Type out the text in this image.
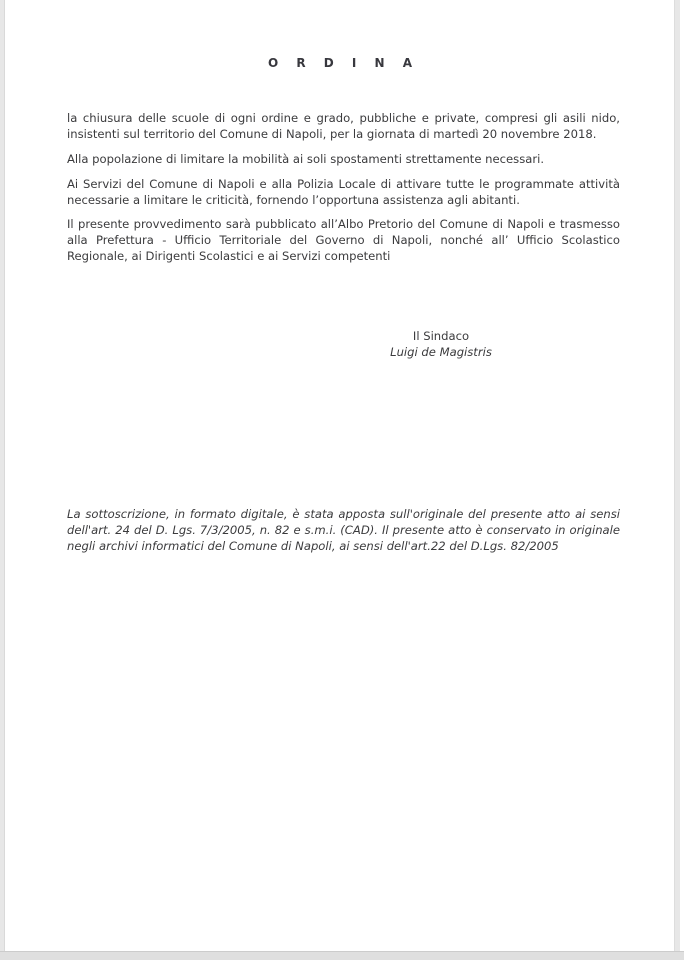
O R D I N A

la chiusura delle scuole di ogni ordine e grado, pubbliche e private, compresi gli asili nido, insistenti sul territorio del Comune di Napoli, per la giornata di martedì 20 novembre 2018.

Alla popolazione di limitare la mobilità ai soli spostamenti strettamente necessari.

Ai Servizi del Comune di Napoli e alla Polizia Locale di attivare tutte le programmate attività necessarie a limitare le criticità, fornendo l’opportuna assistenza agli abitanti.

Il presente provvedimento sarà pubblicato all’Albo Pretorio del Comune di Napoli e trasmesso alla Prefettura - Ufficio Territoriale del Governo di Napoli, nonché all’ Ufficio Scolastico Regionale, ai Dirigenti Scolastici e ai Servizi competenti

Il Sindaco
Luigi de Magistris

La sottoscrizione, in formato digitale, è stata apposta sull'originale del presente atto ai sensi dell'art. 24 del D. Lgs. 7/3/2005, n. 82 e s.m.i. (CAD). Il presente atto è conservato in originale negli archivi informatici del Comune di Napoli, ai sensi dell'art.22 del D.Lgs. 82/2005
